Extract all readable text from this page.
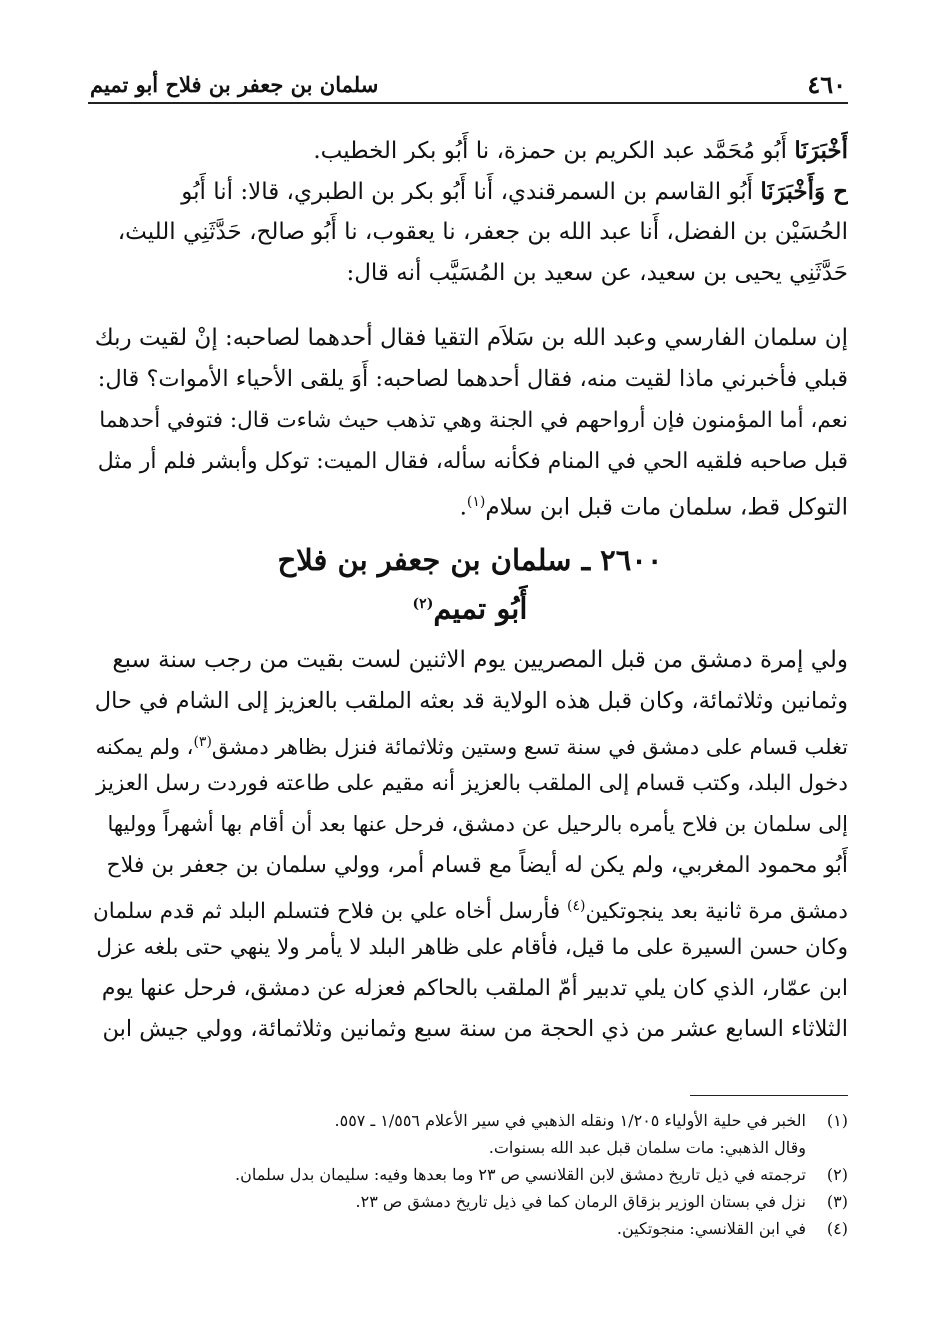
٤٦٠
سلمان بن جعفر بن فلاح أبو تميم
أَخْبَرَنَا أَبُو مُحَمَّد عبد الكريم بن حمزة، نا أَبُو بكر الخطيب.
ح وَأَخْبَرَنَا أَبُو القاسم بن السمرقندي، أَنا أَبُو بكر بن الطبري، قالا: أنا أَبُو
الحُسَيْن بن الفضل، أَنا عبد الله بن جعفر، نا يعقوب، نا أَبُو صالح، حَدَّثَنِي الليث،
حَدَّثَنِي يحيى بن سعيد، عن سعيد بن المُسَيَّب أنه قال:
إن سلمان الفارسي وعبد الله بن سَلاَم التقيا فقال أحدهما لصاحبه: إنْ لقيت ربك
قبلي فأخبرني ماذا لقيت منه، فقال أحدهما لصاحبه: أَوَ يلقى الأحياء الأموات؟ قال:
نعم، أما المؤمنون فإن أرواحهم في الجنة وهي تذهب حيث شاءت قال: فتوفي أحدهما
قبل صاحبه فلقيه الحي في المنام فكأنه سأله، فقال الميت: توكل وأبشر فلم أر مثل
التوكل قط، سلمان مات قبل ابن سلام$^{(١)}$.
٢٦٠٠ ـ سلمان بن جعفر بن فلاح
أَبُو تميم$^{(٢)}$
ولي إمرة دمشق من قبل المصريين يوم الاثنين لست بقيت من رجب سنة سبع
وثمانين وثلاثمائة، وكان قبل هذه الولاية قد بعثه الملقب بالعزيز إلى الشام في حال
تغلب قسام على دمشق في سنة تسع وستين وثلاثمائة فنزل بظاهر دمشق$^{(٣)}$، ولم يمكنه
دخول البلد، وكتب قسام إلى الملقب بالعزيز أنه مقيم على طاعته فوردت رسل العزيز
إلى سلمان بن فلاح يأمره بالرحيل عن دمشق، فرحل عنها بعد أن أقام بها أشهراً ووليها
أَبُو محمود المغربي، ولم يكن له أيضاً مع قسام أمر، وولي سلمان بن جعفر بن فلاح
دمشق مرة ثانية بعد ينجوتكين$^{(٤)}$ فأرسل أخاه علي بن فلاح فتسلم البلد ثم قدم سلمان
وكان حسن السيرة على ما قيل، فأقام على ظاهر البلد لا يأمر ولا ينهي حتى بلغه عزل
ابن عمّار، الذي كان يلي تدبير أمّ الملقب بالحاكم فعزله عن دمشق، فرحل عنها يوم
الثلاثاء السابع عشر من ذي الحجة من سنة سبع وثمانين وثلاثمائة، وولي جيش ابن
(١)
الخبر في حلية الأولياء ١/٢٠٥ ونقله الذهبي في سير الأعلام ١/٥٥٦ ـ ٥٥٧.
وقال الذهبي: مات سلمان قبل عبد الله بسنوات.
(٢)
ترجمته في ذيل تاريخ دمشق لابن القلانسي ص ٢٣ وما بعدها وفيه: سليمان بدل سلمان.
(٣)
نزل في بستان الوزير بزقاق الرمان كما في ذيل تاريخ دمشق ص ٢٣.
(٤)
في ابن القلانسي: منجوتكين.
